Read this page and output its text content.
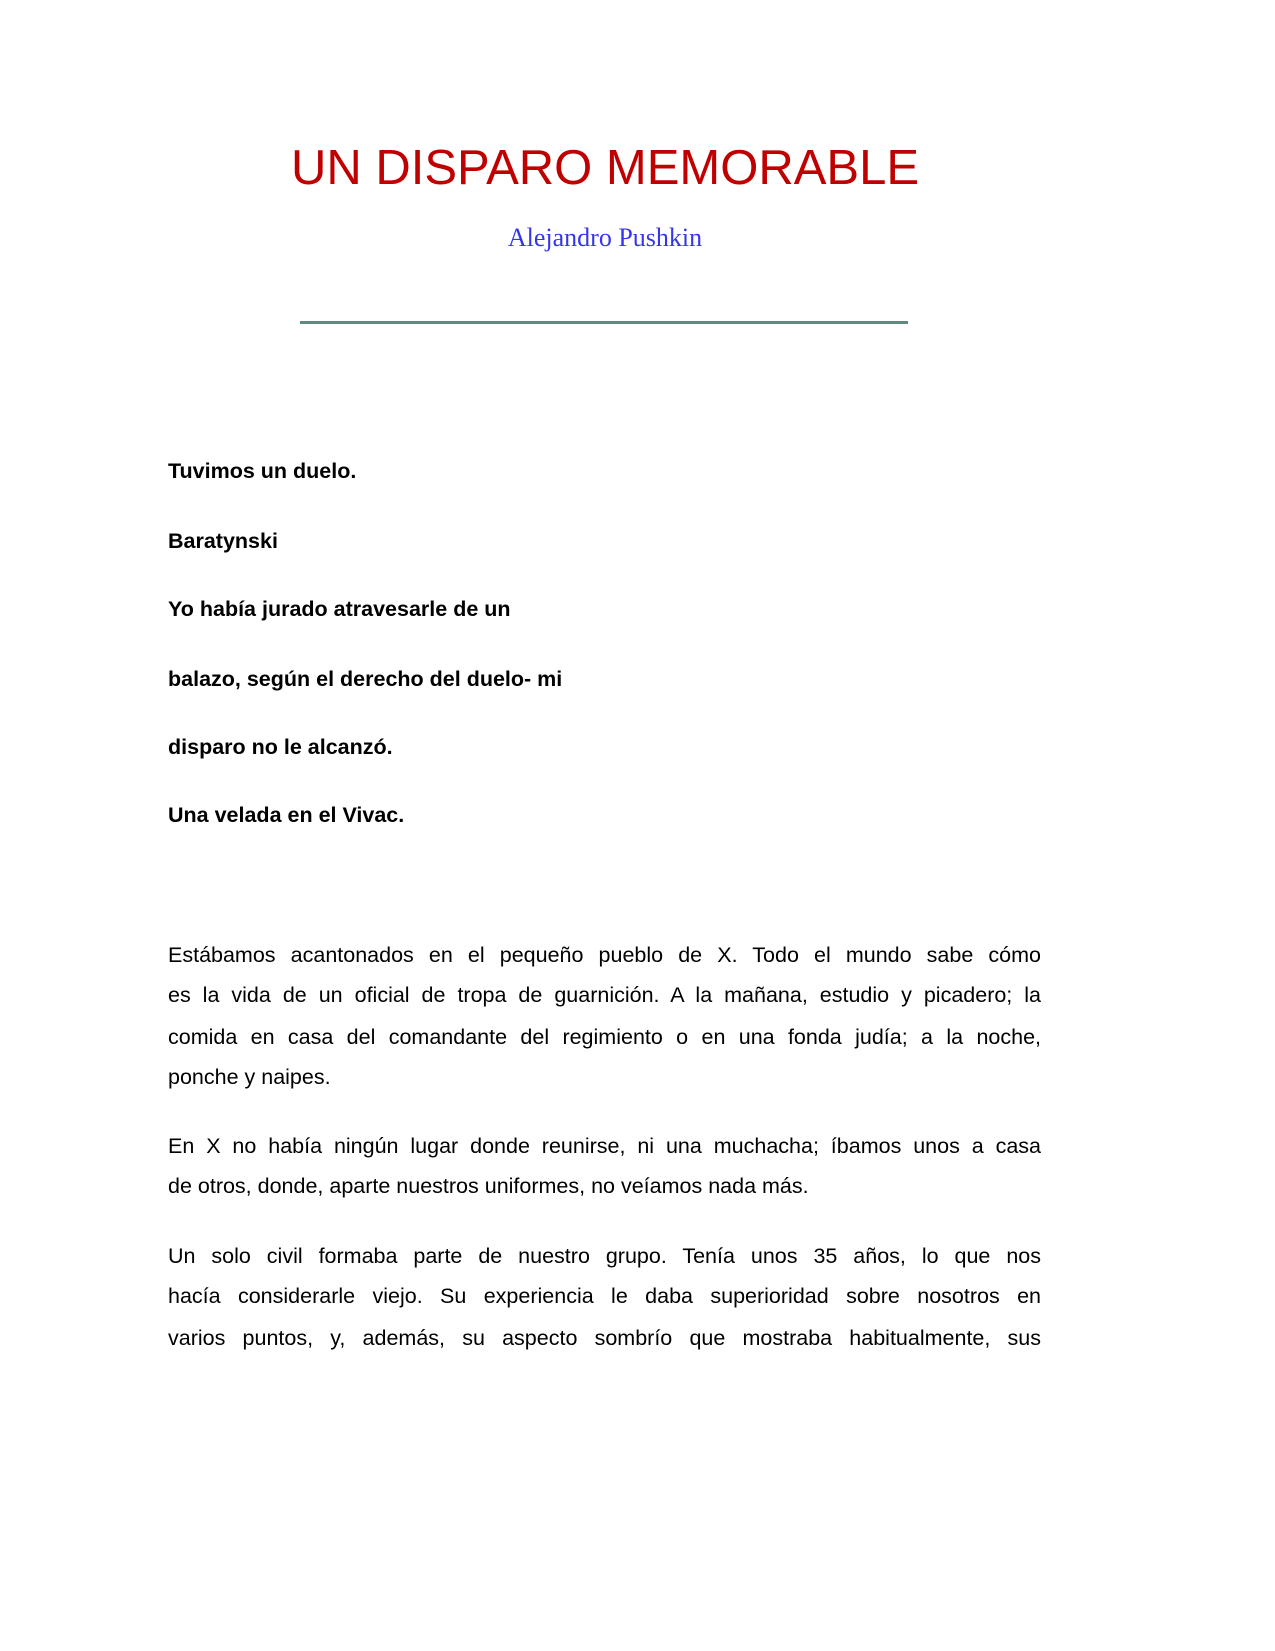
UN DISPARO MEMORABLE
Alejandro Pushkin
Tuvimos un duelo.
Baratynski
Yo había jurado atravesarle de un
balazo, según el derecho del duelo- mi
disparo no le alcanzó.
Una velada en el Vivac.
Estábamos acantonados en el pequeño pueblo de X. Todo el mundo sabe cómo
es la vida de un oficial de tropa de guarnición. A la mañana, estudio y picadero; la
comida en casa del comandante del regimiento o en una fonda judía; a la noche,
ponche y naipes.
En X no había ningún lugar donde reunirse, ni una muchacha; íbamos unos a casa
de otros, donde, aparte nuestros uniformes, no veíamos nada más.
Un solo civil formaba parte de nuestro grupo. Tenía unos 35 años, lo que nos
hacía considerarle viejo. Su experiencia le daba superioridad sobre nosotros en
varios puntos, y, además, su aspecto sombrío que mostraba habitualmente, sus
